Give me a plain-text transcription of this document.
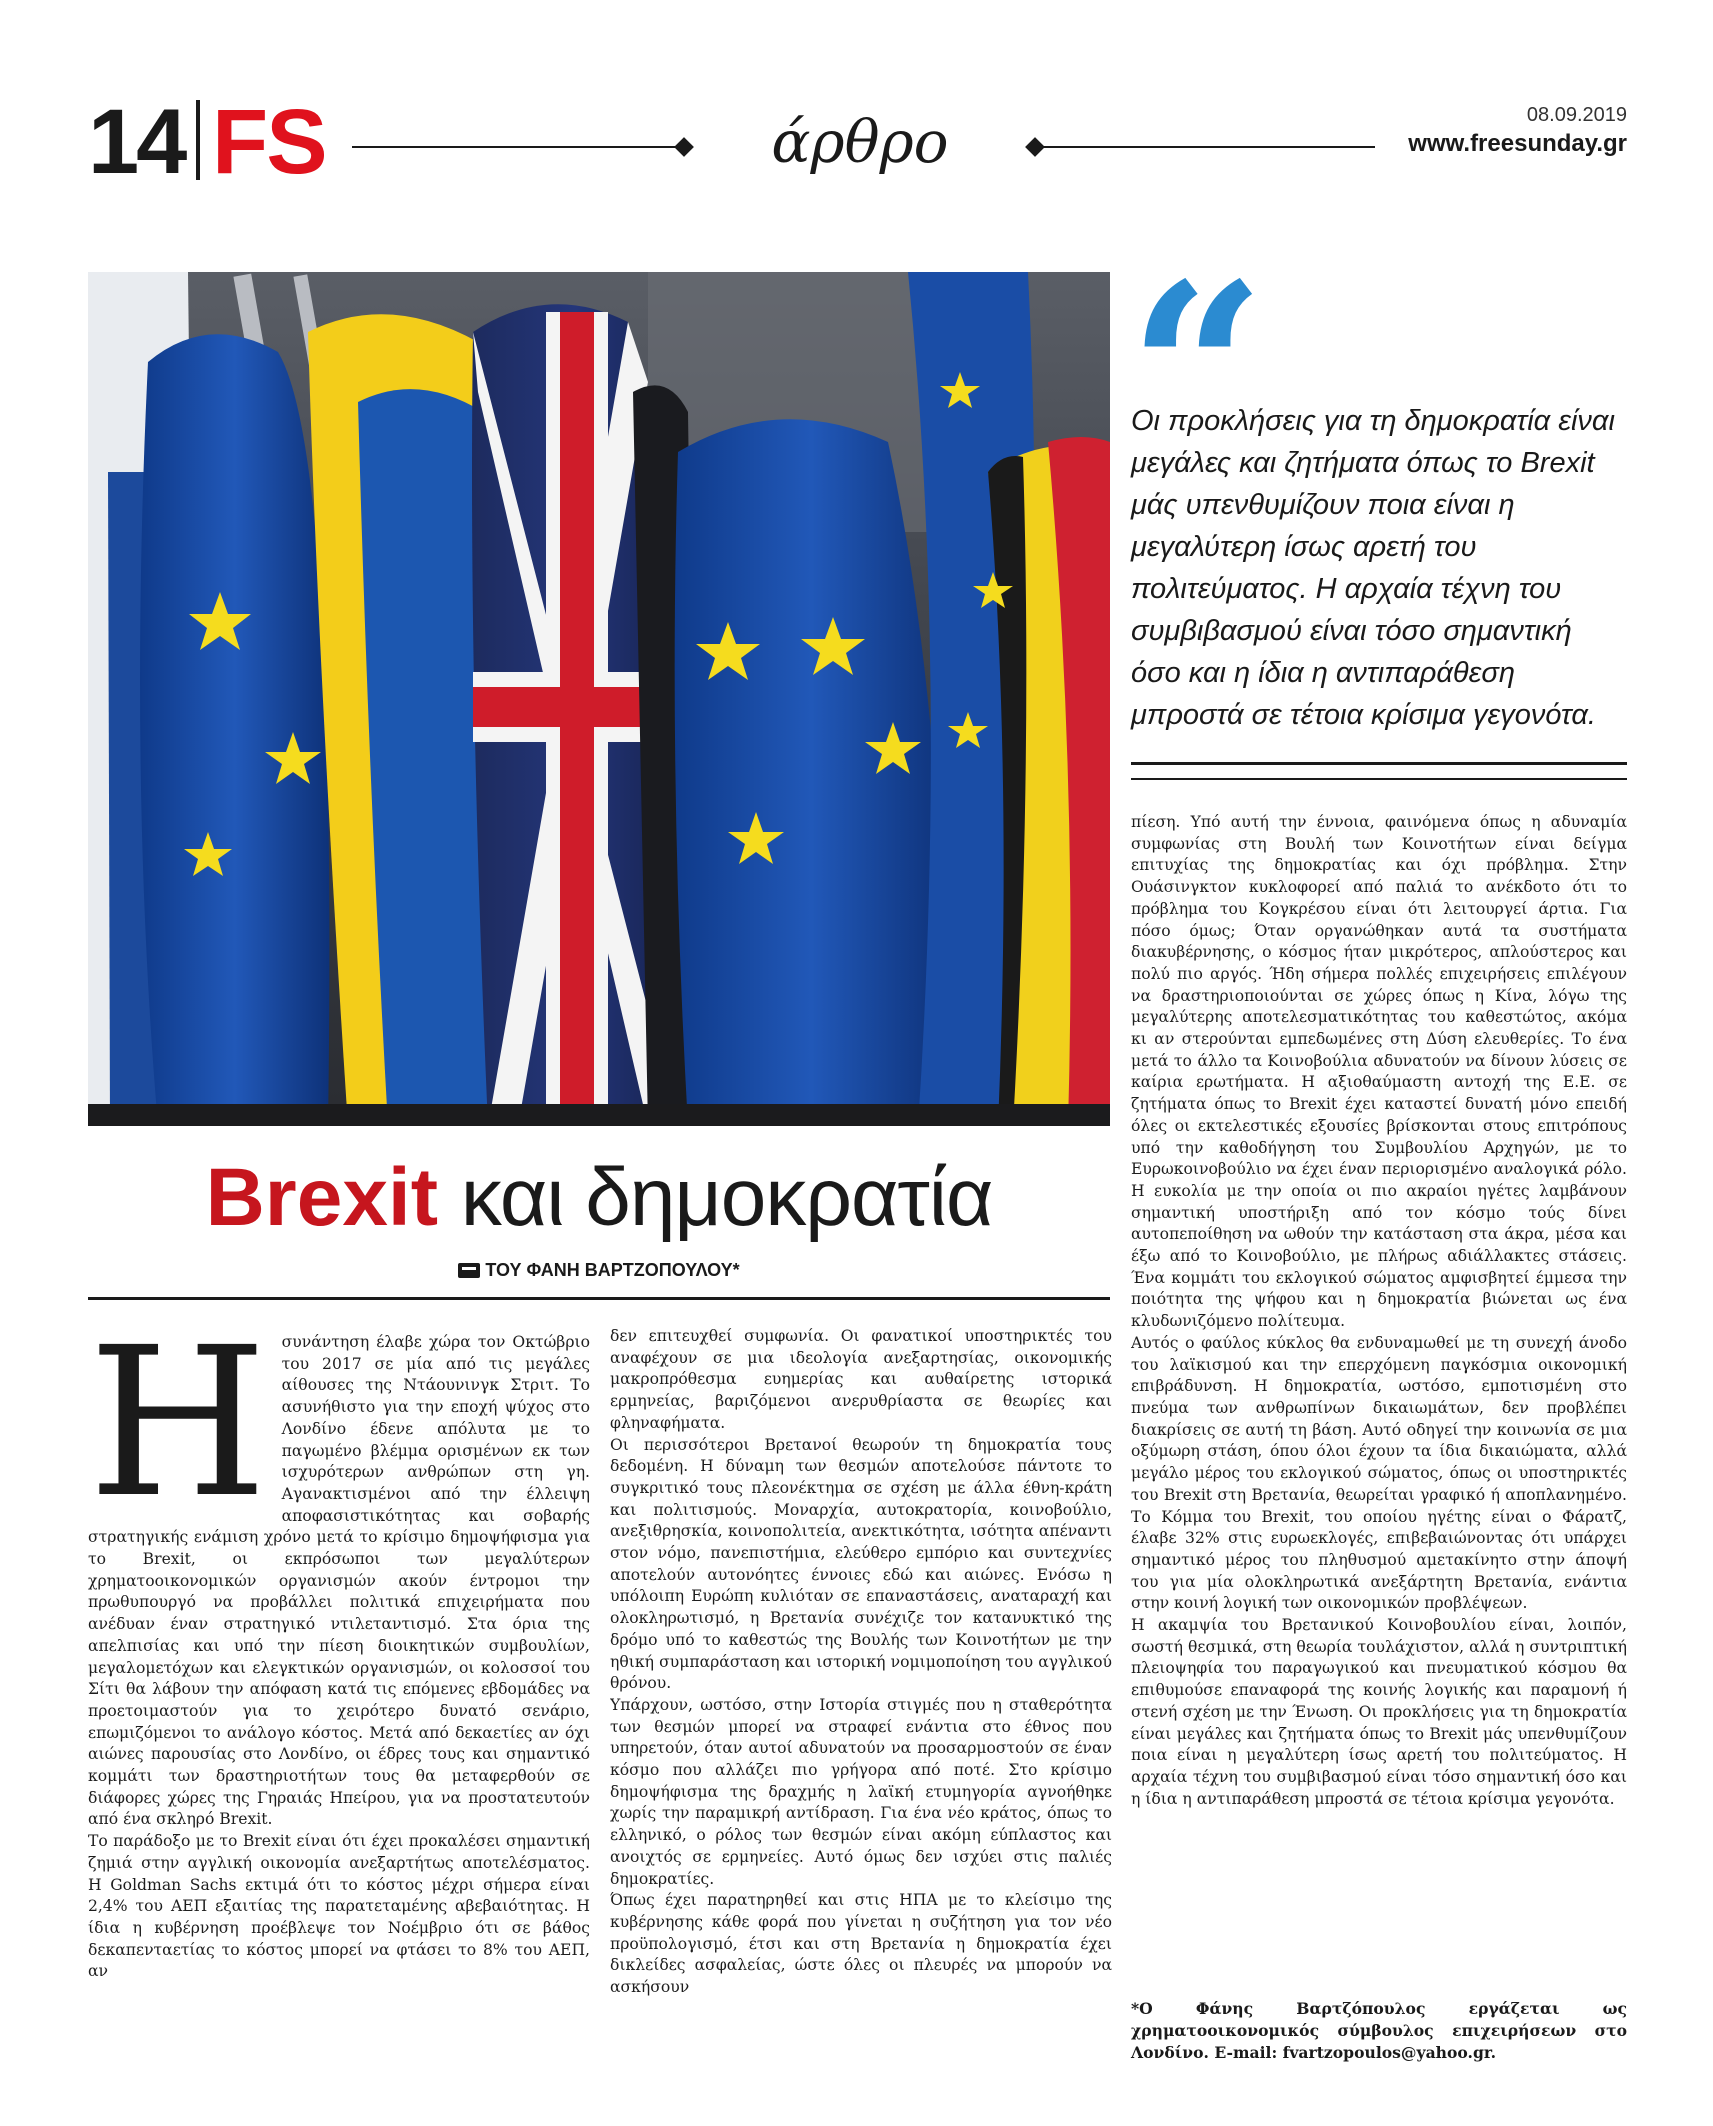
14 FS	άρθρο	08.09.2019
www.freesunday.gr
Brexit και δημοκρατία
ΤΟΥ ΦΑΝΗ ΒΑΡΤΖΟΠΟΥΛΟΥ*
Η συνάντηση έλαβε χώρα τον Οκτώβριο του 2017 σε μία από τις μεγάλες αίθουσες της Ντάουνινγκ Στριτ. Το ασυνήθιστο για την εποχή ψύχος στο Λονδίνο έδενε απόλυτα με το παγωμένο βλέμμα ορισμένων εκ των ισχυρότερων ανθρώπων στη γη. Αγανακτισμένοι από την έλλειψη αποφασιστικότητας και σοβαρής στρατηγικής ενάμιση χρόνο μετά το κρίσιμο δημοψήφισμα για το Brexit, οι εκπρόσωποι των μεγαλύτερων χρηματοοικονομικών οργανισμών ακούν έντρομοι την πρωθυπουργό να προβάλλει πολιτικά επιχειρήματα που ανέδυαν έναν στρατηγικό ντιλεταντισμό. Στα όρια της απελπισίας και υπό την πίεση διοικητικών συμβουλίων, μεγαλομετόχων και ελεγκτικών οργανισμών, οι κολοσσοί του Σίτι θα λάβουν την απόφαση κατά τις επόμενες εβδομάδες να προετοιμαστούν για το χειρότερο δυνατό σενάριο, επωμιζόμενοι το ανάλογο κόστος. Μετά από δεκαετίες αν όχι αιώνες παρουσίας στο Λονδίνο, οι έδρες τους και σημαντικό κομμάτι των δραστηριοτήτων τους θα μεταφερθούν σε διάφορες χώρες της Γηραιάς Ηπείρου, για να προστατευτούν από ένα σκληρό Brexit.

Το παράδοξο με το Brexit είναι ότι έχει προκαλέσει σημαντική ζημιά στην αγγλική οικονομία ανεξαρτήτως αποτελέσματος. Η Goldman Sachs εκτιμά ότι το κόστος μέχρι σήμερα είναι 2,4% του ΑΕΠ εξαιτίας της παρατεταμένης αβεβαιότητας. Η ίδια η κυβέρνηση προέβλεψε τον Νοέμβριο ότι σε βάθος δεκαπενταετίας το κόστος μπορεί να φτάσει το 8% του ΑΕΠ, αν

δεν επιτευχθεί συμφωνία. Οι φανατικοί υποστηρικτές του αναφέχουν σε μια ιδεολογία ανεξαρτησίας, οικονομικής μακροπρόθεσμα ευημερίας και αυθαίρετης ιστορικά ερμηνείας, βαριζόμενοι ανερυθρίαστα σε θεωρίες και φληναφήματα.

Οι περισσότεροι Βρετανοί θεωρούν τη δημοκρατία τους δεδομένη. Η δύναμη των θεσμών αποτελούσε πάντοτε το συγκριτικό τους πλεονέκτημα σε σχέση με άλλα έθνη-κράτη και πολιτισμούς. Μοναρχία, αυτοκρατορία, κοινοβούλιο, ανεξιθρησκία, κοινοπολιτεία, ανεκτικότητα, ισότητα απέναντι στον νόμο, πανεπιστήμια, ελεύθερο εμπόριο και συντεχνίες αποτελούν αυτονόητες έννοιες εδώ και αιώνες. Ενόσω η υπόλοιπη Ευρώπη κυλιόταν σε επαναστάσεις, αναταραχή και ολοκληρωτισμό, η Βρετανία συνέχιζε τον κατανυκτικό της δρόμο υπό το καθεστώς της Βουλής των Κοινοτήτων με την ηθική συμπαράσταση και ιστορική νομιμοποίηση του αγγλικού θρόνου.

Υπάρχουν, ωστόσο, στην Ιστορία στιγμές που η σταθερότητα των θεσμών μπορεί να στραφεί ενάντια στο έθνος που υπηρετούν, όταν αυτοί αδυνατούν να προσαρμοστούν σε έναν κόσμο που αλλάζει πιο γρήγορα από ποτέ. Στο κρίσιμο δημοψήφισμα της δραχμής η λαϊκή ετυμηγορία αγνοήθηκε χωρίς την παραμικρή αντίδραση. Για ένα νέο κράτος, όπως το ελληνικό, ο ρόλος των θεσμών είναι ακόμη εύπλαστος και ανοιχτός σε ερμηνείες. Αυτό όμως δεν ισχύει στις παλιές δημοκρατίες.

Όπως έχει παρατηρηθεί και στις ΗΠΑ με το κλείσιμο της κυβέρνησης κάθε φορά που γίνεται η συζήτηση για τον νέο προϋπολογισμό, έτσι και στη Βρετανία η δημοκρατία έχει δικλείδες ασφαλείας, ώστε όλες οι πλευρές να μπορούν να ασκήσουν

“
Οι προκλήσεις για τη δημοκρατία είναι μεγάλες και ζητήματα όπως το Brexit μάς υπενθυμίζουν ποια είναι η μεγαλύτερη ίσως αρετή του πολιτεύματος. Η αρχαία τέχνη του συμβιβασμού είναι τόσο σημαντική όσο και η ίδια η αντιπαράθεση μπροστά σε τέτοια κρίσιμα γεγονότα.

πίεση. Υπό αυτή την έννοια, φαινόμενα όπως η αδυναμία συμφωνίας στη Βουλή των Κοινοτήτων είναι δείγμα επιτυχίας της δημοκρατίας και όχι πρόβλημα. Στην Ουάσινγκτον κυκλοφορεί από παλιά το ανέκδοτο ότι το πρόβλημα του Κογκρέσου είναι ότι λειτουργεί άρτια. Για πόσο όμως; Όταν οργανώθηκαν αυτά τα συστήματα διακυβέρνησης, ο κόσμος ήταν μικρότερος, απλούστερος και πολύ πιο αργός. Ήδη σήμερα πολλές επιχειρήσεις επιλέγουν να δραστηριοποιούνται σε χώρες όπως η Κίνα, λόγω της μεγαλύτερης αποτελεσματικότητας του καθεστώτος, ακόμα κι αν στερούνται εμπεδωμένες στη Δύση ελευθερίες. Το ένα μετά το άλλο τα Κοινοβούλια αδυνατούν να δίνουν λύσεις σε καίρια ερωτήματα. Η αξιοθαύμαστη αντοχή της Ε.Ε. σε ζητήματα όπως το Brexit έχει καταστεί δυνατή μόνο επειδή όλες οι εκτελεστικές εξουσίες βρίσκονται στους επιτρόπους υπό την καθοδήγηση του Συμβουλίου Αρχηγών, με το Ευρωκοινοβούλιο να έχει έναν περιορισμένο αναλογικά ρόλο. Η ευκολία με την οποία οι πιο ακραίοι ηγέτες λαμβάνουν σημαντική υποστήριξη από τον κόσμο τούς δίνει αυτοπεποίθηση να ωθούν την κατάσταση στα άκρα, μέσα και έξω από το Κοινοβούλιο, με πλήρως αδιάλλακτες στάσεις. Ένα κομμάτι του εκλογικού σώματος αμφισβητεί έμμεσα την ποιότητα της ψήφου και η δημοκρατία βιώνεται ως ένα κλυδωνιζόμενο πολίτευμα.

Αυτός ο φαύλος κύκλος θα ενδυναμωθεί με τη συνεχή άνοδο του λαϊκισμού και την επερχόμενη παγκόσμια οικονομική επιβράδυνση. Η δημοκρατία, ωστόσο, εμποτισμένη στο πνεύμα των ανθρωπίνων δικαιωμάτων, δεν προβλέπει διακρίσεις σε αυτή τη βάση. Αυτό οδηγεί την κοινωνία σε μια οξύμωρη στάση, όπου όλοι έχουν τα ίδια δικαιώματα, αλλά μεγάλο μέρος του εκλογικού σώματος, όπως οι υποστηρικτές του Brexit στη Βρετανία, θεωρείται γραφικό ή αποπλανημένο. Το Κόμμα του Brexit, του οποίου ηγέτης είναι ο Φάρατζ, έλαβε 32% στις ευρωεκλογές, επιβεβαιώνοντας ότι υπάρχει σημαντικό μέρος του πληθυσμού αμετακίνητο στην άποψή του για μία ολοκληρωτικά ανεξάρτητη Βρετανία, ενάντια στην κοινή λογική των οικονομικών προβλέψεων.

Η ακαμψία του Βρετανικού Κοινοβουλίου είναι, λοιπόν, σωστή θεσμικά, στη θεωρία τουλάχιστον, αλλά η συντριπτική πλειοψηφία του παραγωγικού και πνευματικού κόσμου θα επιθυμούσε επαναφορά της κοινής λογικής και παραμονή ή στενή σχέση με την Ένωση. Οι προκλήσεις για τη δημοκρατία είναι μεγάλες και ζητήματα όπως το Brexit μάς υπενθυμίζουν ποια είναι η μεγαλύτερη ίσως αρετή του πολιτεύματος. Η αρχαία τέχνη του συμβιβασμού είναι τόσο σημαντική όσο και η ίδια η αντιπαράθεση μπροστά σε τέτοια κρίσιμα γεγονότα.

*Ο Φάνης Βαρτζόπουλος εργάζεται ως χρηματοοικονομικός σύμβουλος επιχειρήσεων στο Λονδίνο. E-mail: fvartzopoulos@yahoo.gr.
